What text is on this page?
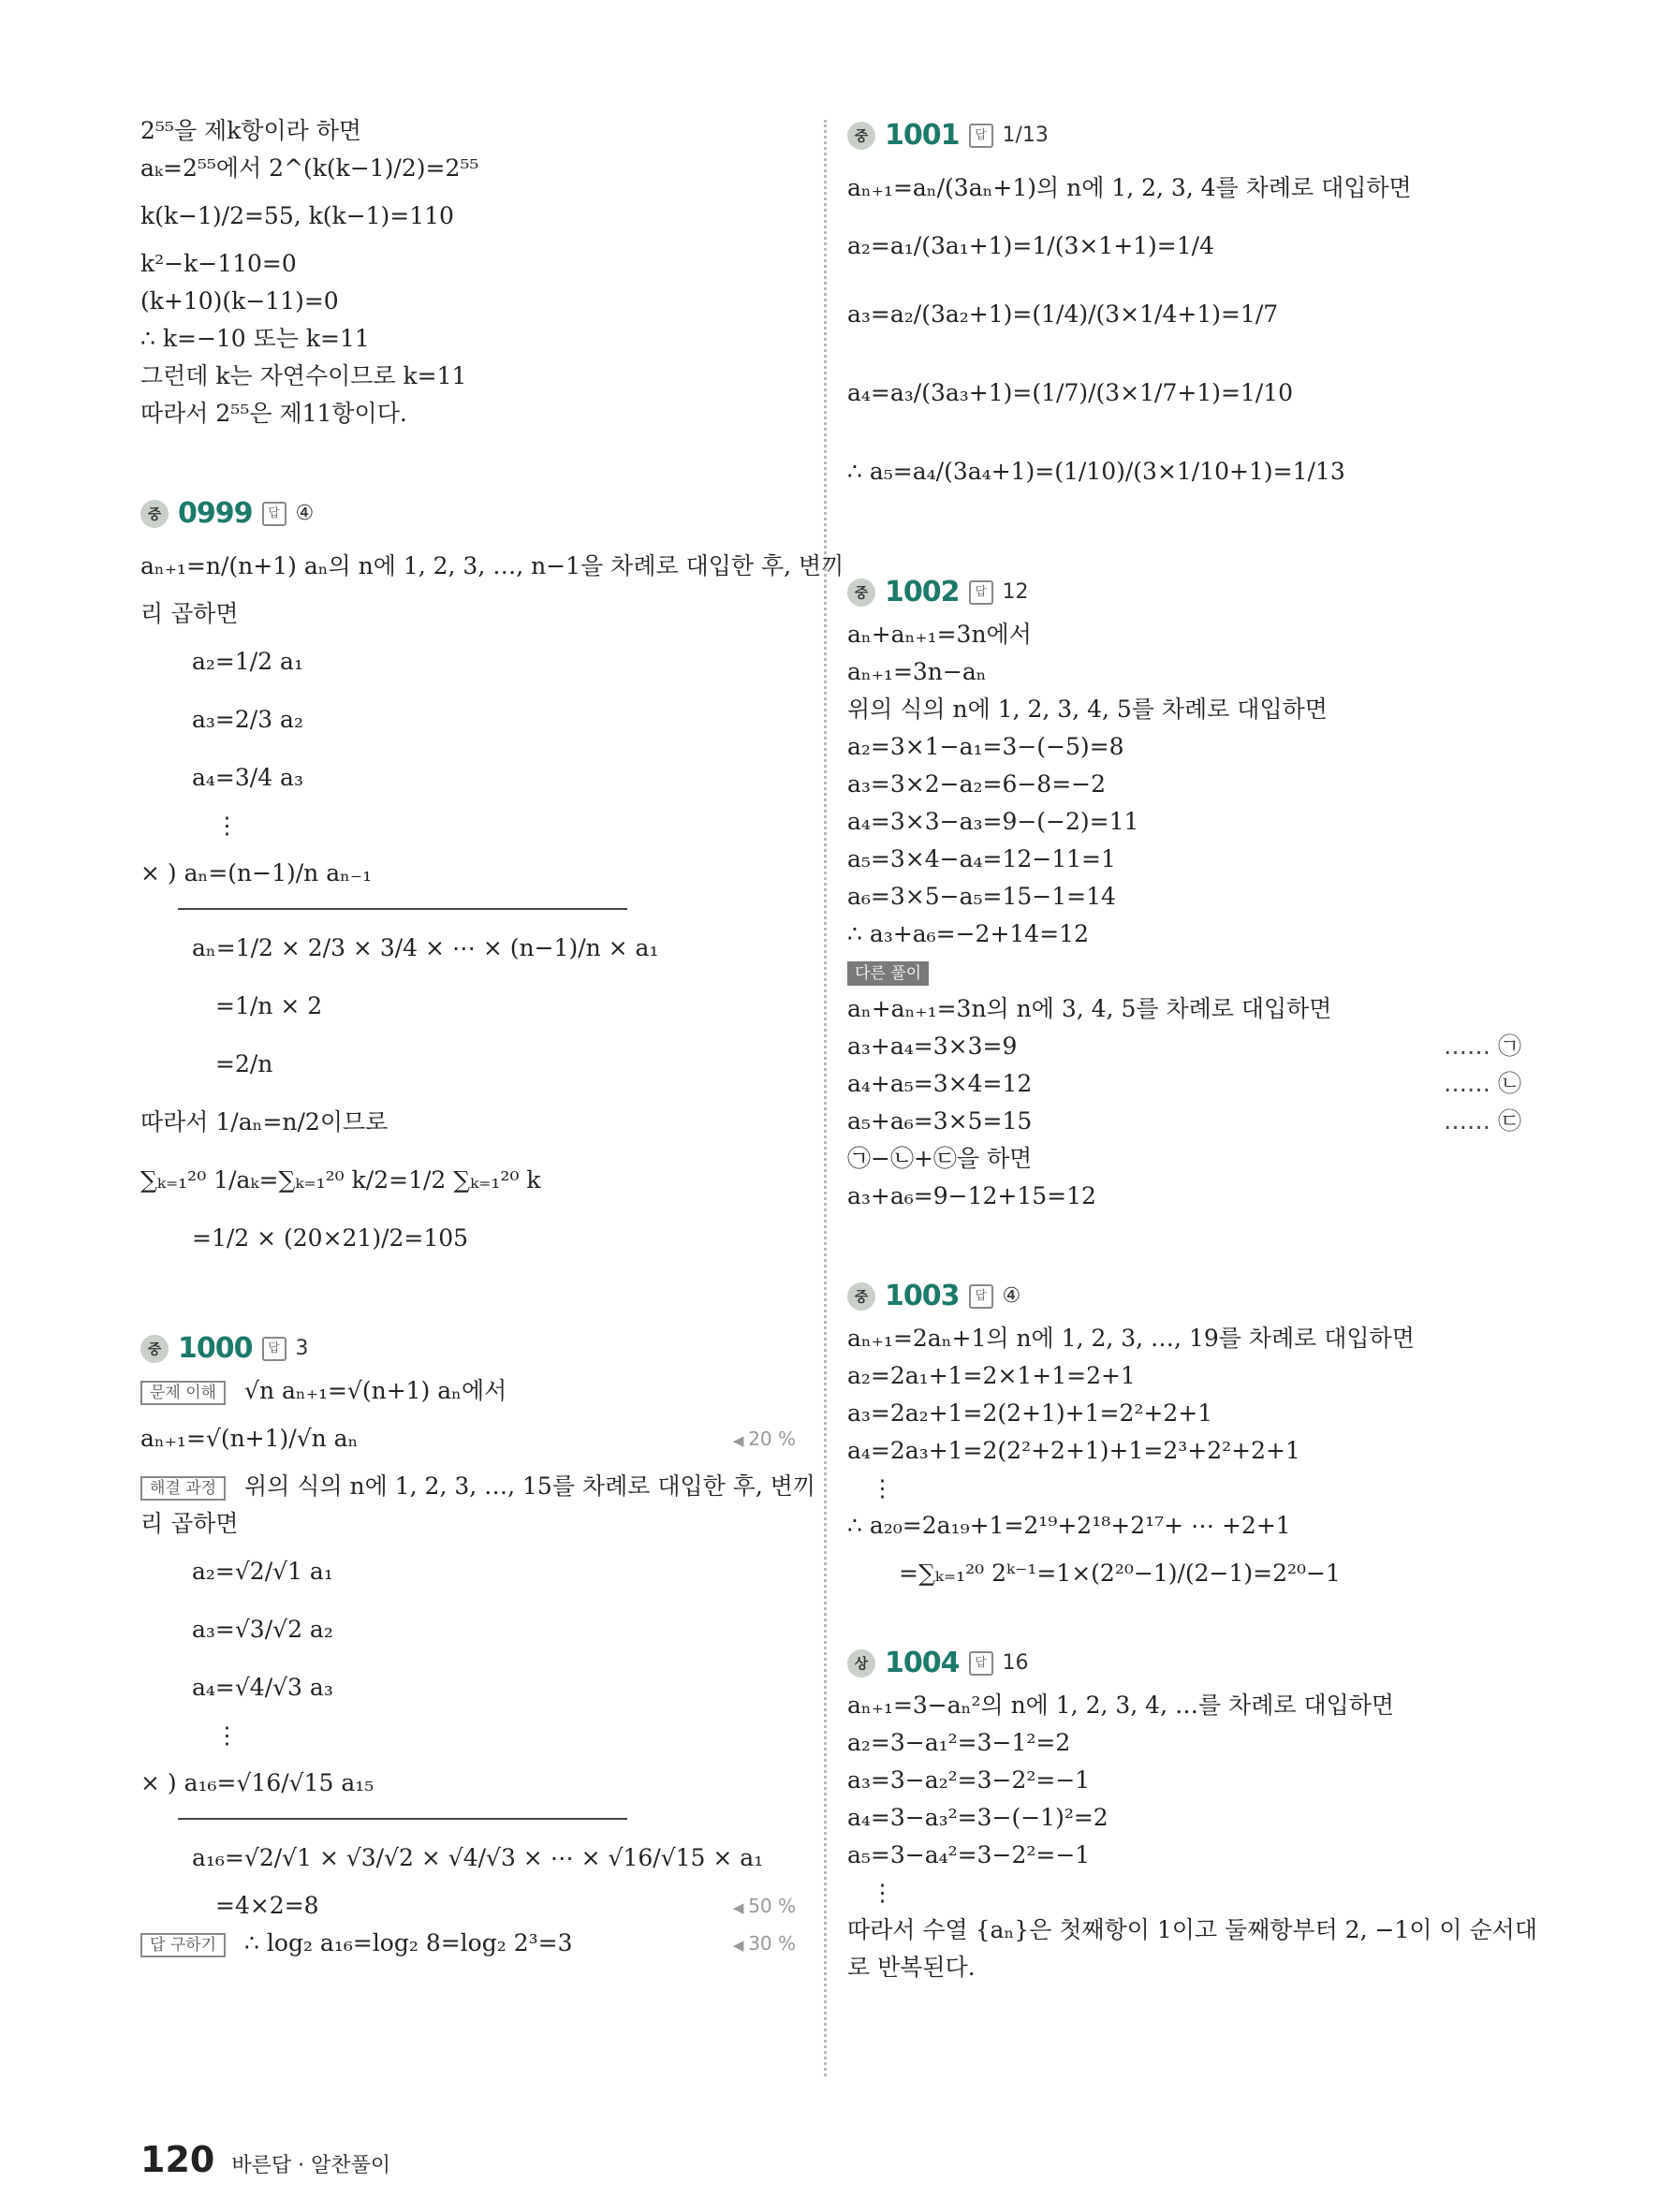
2⁵⁵을 제k항이라 하면
aₖ=2⁵⁵에서 2^(k(k−1)/2)=2⁵⁵
k(k−1)/2=55, k(k−1)=110
k²−k−110=0
(k+10)(k−11)=0
∴ k=−10 또는 k=11
그런데 k는 자연수이므로 k=11
따라서 2⁵⁵은 제11항이다.
중 0999	답 ④
aₙ₊₁=n/(n+1) aₙ의 n에 1, 2, 3, …, n−1을 차례로 대입한 후, 변끼
리 곱하면
a₂=1/2 a₁
a₃=2/3 a₂
a₄=3/4 a₃
⋮
× ) aₙ=(n−1)/n aₙ₋₁
aₙ=1/2 × 2/3 × 3/4 × ⋯ × (n−1)/n × a₁
=1/n × 2
=2/n
따라서 1/aₙ=n/2이므로
∑ₖ₌₁²⁰ 1/aₖ=∑ₖ₌₁²⁰ k/2=1/2 ∑ₖ₌₁²⁰ k
=1/2 × (20×21)/2=105
중 1000	답 3
문제 이해 √n aₙ₊₁=√(n+1) aₙ에서
aₙ₊₁=√(n+1)/√n aₙ	◀ 20 %
해결 과정 위의 식의 n에 1, 2, 3, …, 15를 차례로 대입한 후, 변끼
리 곱하면
a₂=√2/√1 a₁
a₃=√3/√2 a₂
a₄=√4/√3 a₃
⋮
× ) a₁₆=√16/√15 a₁₅
a₁₆=√2/√1 × √3/√2 × √4/√3 × ⋯ × √16/√15 × a₁
=4×2=8	◀ 50 %
답 구하기 ∴ log₂ a₁₆=log₂ 8=log₂ 2³=3	◀ 30 %
중 1001	답 1/13
aₙ₊₁=aₙ/(3aₙ+1)의 n에 1, 2, 3, 4를 차례로 대입하면
a₂=a₁/(3a₁+1)=1/(3×1+1)=1/4
a₃=a₂/(3a₂+1)=(1/4)/(3×1/4+1)=1/7
a₄=a₃/(3a₃+1)=(1/7)/(3×1/7+1)=1/10
∴ a₅=a₄/(3a₄+1)=(1/10)/(3×1/10+1)=1/13
중 1002	답 12
aₙ+aₙ₊₁=3n에서
aₙ₊₁=3n−aₙ
위의 식의 n에 1, 2, 3, 4, 5를 차례로 대입하면
a₂=3×1−a₁=3−(−5)=8
a₃=3×2−a₂=6−8=−2
a₄=3×3−a₃=9−(−2)=11
a₅=3×4−a₄=12−11=1
a₆=3×5−a₅=15−1=14
∴ a₃+a₆=−2+14=12
다른 풀이
aₙ+aₙ₊₁=3n의 n에 3, 4, 5를 차례로 대입하면
a₃+a₄=3×3=9	…… ㉠
a₄+a₅=3×4=12	…… ㉡
a₅+a₆=3×5=15	…… ㉢
㉠−㉡+㉢을 하면
a₃+a₆=9−12+15=12
중 1003	답 ④
aₙ₊₁=2aₙ+1의 n에 1, 2, 3, …, 19를 차례로 대입하면
a₂=2a₁+1=2×1+1=2+1
a₃=2a₂+1=2(2+1)+1=2²+2+1
a₄=2a₃+1=2(2²+2+1)+1=2³+2²+2+1
⋮
∴ a₂₀=2a₁₉+1=2¹⁹+2¹⁸+2¹⁷+ ⋯ +2+1
=∑ₖ₌₁²⁰ 2ᵏ⁻¹=1×(2²⁰−1)/(2−1)=2²⁰−1
상 1004	답 16
aₙ₊₁=3−aₙ²의 n에 1, 2, 3, 4, …를 차례로 대입하면
a₂=3−a₁²=3−1²=2
a₃=3−a₂²=3−2²=−1
a₄=3−a₃²=3−(−1)²=2
a₅=3−a₄²=3−2²=−1
⋮
따라서 수열 {aₙ}은 첫째항이 1이고 둘째항부터 2, −1이 이 순서대
로 반복된다.
120 바른답 · 알찬풀이
